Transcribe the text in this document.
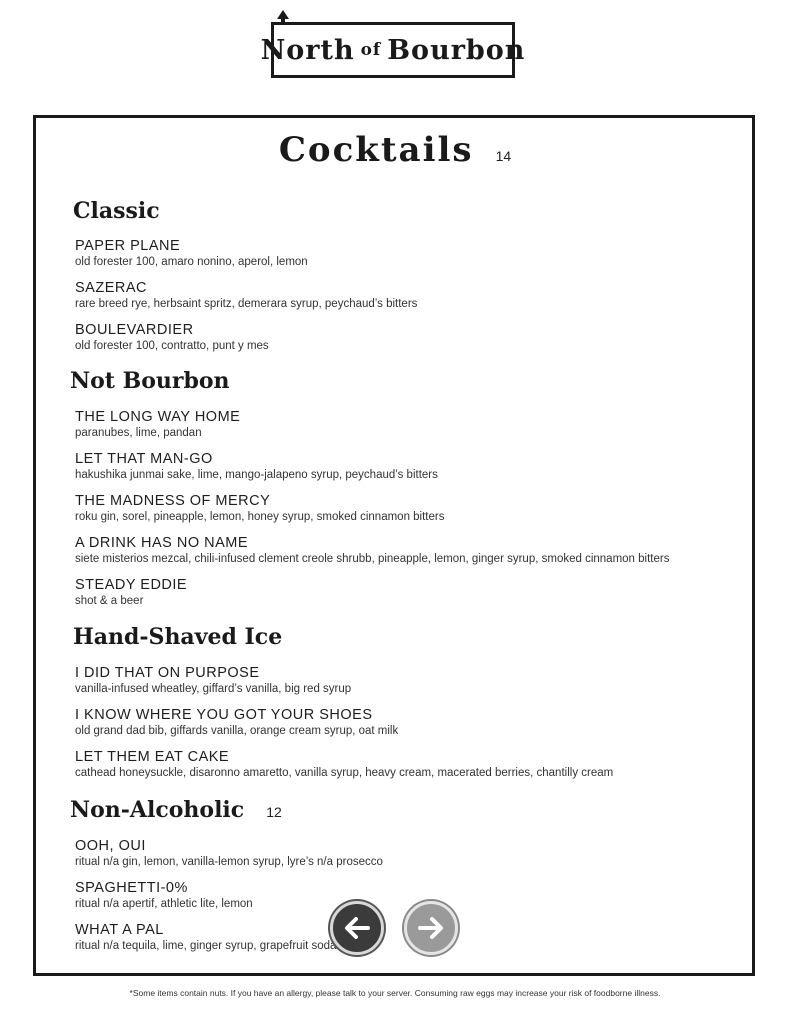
North of Bourbon
Cocktails 14
Classic
PAPER PLANE
old forester 100, amaro nonino, aperol, lemon
SAZERAC
rare breed rye, herbsaint spritz, demerara syrup, peychaud’s bitters
BOULEVARDIER
old forester 100, contratto, punt y mes
Not Bourbon
THE LONG WAY HOME
paranubes, lime, pandan
LET THAT MAN-GO
hakushika junmai sake, lime, mango-jalapeno syrup, peychaud’s bitters
THE MADNESS OF MERCY
roku gin, sorel, pineapple, lemon, honey syrup, smoked cinnamon bitters
A DRINK HAS NO NAME
siete misterios mezcal, chili-infused clement creole shrubb, pineapple, lemon, ginger syrup, smoked cinnamon bitters
STEADY EDDIE
shot & a beer
Hand-Shaved Ice
I DID THAT ON PURPOSE
vanilla-infused wheatley, giffard’s vanilla, big red syrup
I KNOW WHERE YOU GOT YOUR SHOES
old grand dad bib, giffards vanilla, orange cream syrup, oat milk
LET THEM EAT CAKE
cathead honeysuckle, disaronno amaretto, vanilla syrup, heavy cream, macerated berries, chantilly cream
Non-Alcoholic 12
OOH, OUI
ritual n/a gin, lemon, vanilla-lemon syrup, lyre’s n/a prosecco
SPAGHETTI-0%
ritual n/a apertif, athletic lite, lemon
WHAT A PAL
ritual n/a tequila, lime, ginger syrup, grapefruit soda
*Some items contain nuts. If you have an allergy, please talk to your server. Consuming raw eggs may increase your risk of foodborne illness.
